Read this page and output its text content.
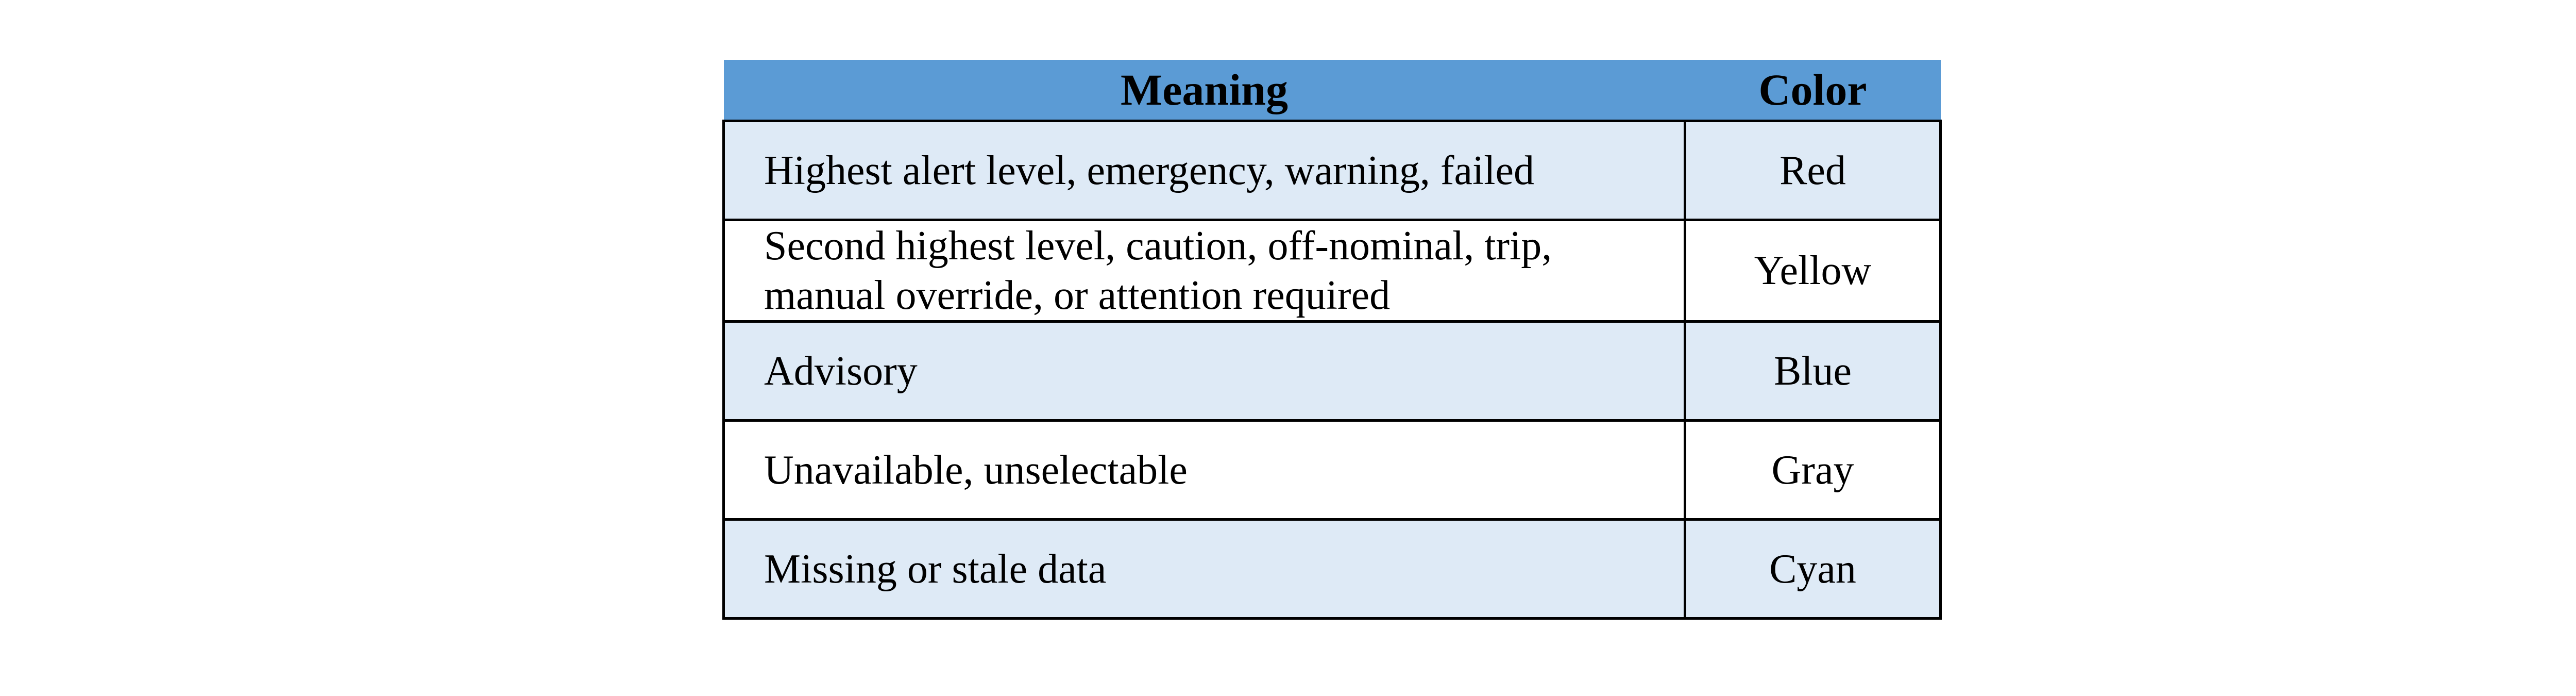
Meaning	Color
Highest alert level, emergency, warning, failed	Red
Second highest level, caution, off-nominal, trip, manual override, or attention required	Yellow
Advisory	Blue
Unavailable, unselectable	Gray
Missing or stale data	Cyan
